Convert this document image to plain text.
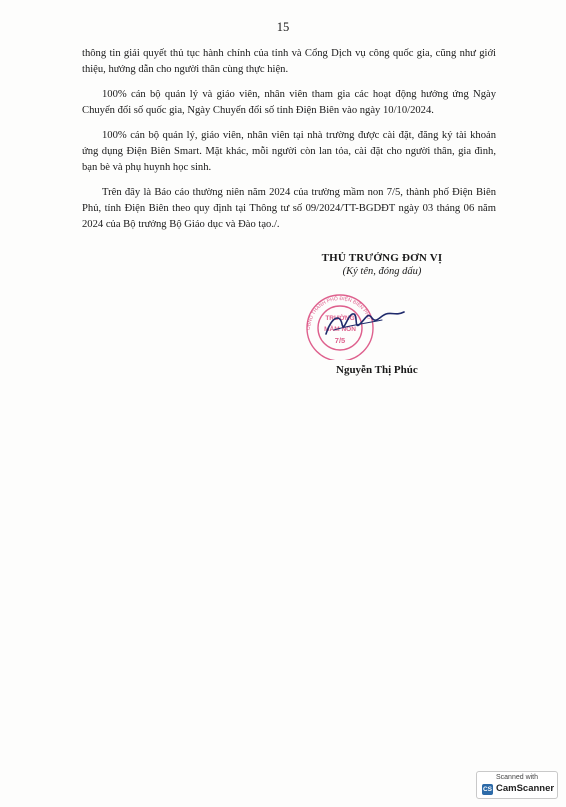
15

thông tin giải quyết thủ tục hành chính của tỉnh và Cổng Dịch vụ công quốc gia, cũng như giới thiệu, hướng dẫn cho người thân cùng thực hiện.

100% cán bộ quản lý và giáo viên, nhân viên tham gia các hoạt động hưởng ứng Ngày Chuyển đổi số quốc gia, Ngày Chuyển đổi số tỉnh Điện Biên vào ngày 10/10/2024.

100% cán bộ quản lý, giáo viên, nhân viên tại nhà trường được cài đặt, đăng ký tài khoản ứng dụng Điện Biên Smart. Mặt khác, mỗi người còn lan tỏa, cài đặt cho người thân, gia đình, bạn bè và phụ huynh học sinh.

Trên đây là Báo cáo thường niên năm 2024 của trường mầm non 7/5, thành phố Điện Biên Phủ, tỉnh Điện Biên theo quy định tại Thông tư số 09/2024/TT-BGDĐT ngày 03 tháng 06 năm 2024 của Bộ trưởng Bộ Giáo dục và Đào tạo./.

THỦ TRƯỞNG ĐƠN VỊ
(Ký tên, đóng dấu)
UBND THÀNH PHỐ ĐIỆN BIÊN PHỦ
TRƯỜNG
MẦM NON
7/5
Nguyễn Thị Phúc
Scanned with
CS CamScanner
